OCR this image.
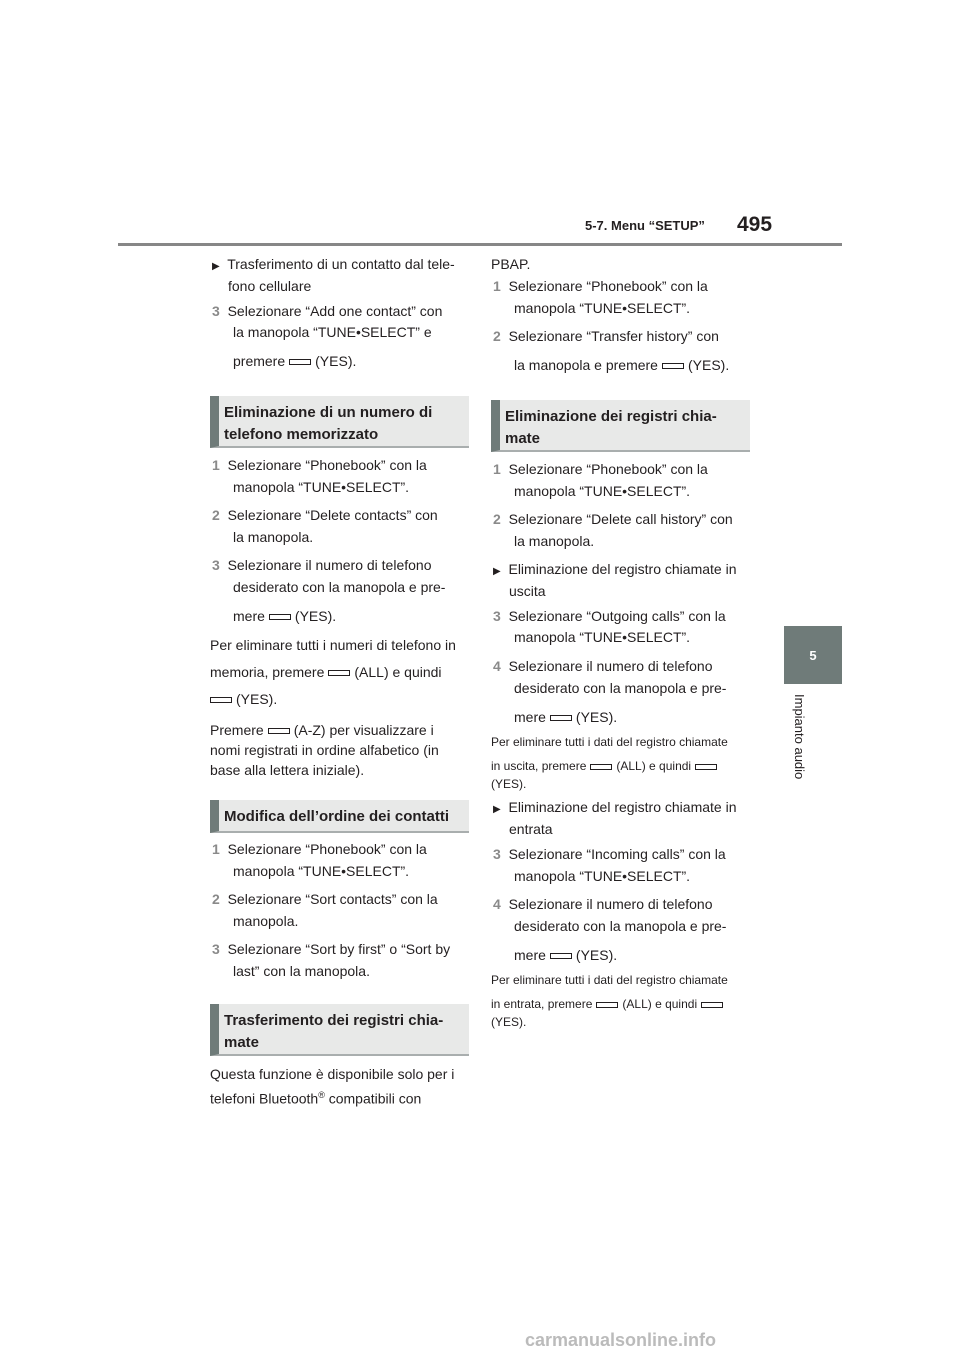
5-7. Menu “SETUP” 495
5
Impianto audio
▶ Trasferimento di un contatto dal tele-
fono cellulare
3 Selezionare “Add one contact” con
la manopola “TUNE•SELECT” e
premere (YES).
Eliminazione di un numero di
telefono memorizzato
1 Selezionare “Phonebook” con la
manopola “TUNE•SELECT”.
2 Selezionare “Delete contacts” con
la manopola.
3 Selezionare il numero di telefono
desiderato con la manopola e pre-
mere (YES).
Per eliminare tutti i numeri di telefono in
memoria, premere (ALL) e quindi
(YES).
Premere (A-Z) per visualizzare i
nomi registrati in ordine alfabetico (in
base alla lettera iniziale).
Modifica dell’ordine dei contatti
1 Selezionare “Phonebook” con la
manopola “TUNE•SELECT”.
2 Selezionare “Sort contacts” con la
manopola.
3 Selezionare “Sort by first” o “Sort by
last” con la manopola.
Trasferimento dei registri chia-
mate
Questa funzione è disponibile solo per i
telefoni Bluetooth® compatibili con
PBAP.
1 Selezionare “Phonebook” con la
manopola “TUNE•SELECT”.
2 Selezionare “Transfer history” con
la manopola e premere (YES).
Eliminazione dei registri chia-
mate
1 Selezionare “Phonebook” con la
manopola “TUNE•SELECT”.
2 Selezionare “Delete call history” con
la manopola.
▶ Eliminazione del registro chiamate in
uscita
3 Selezionare “Outgoing calls” con la
manopola “TUNE•SELECT”.
4 Selezionare il numero di telefono
desiderato con la manopola e pre-
mere (YES).
Per eliminare tutti i dati del registro chiamate
in uscita, premere	(ALL) e quindi
(YES).
▶ Eliminazione del registro chiamate in
entrata
3 Selezionare “Incoming calls” con la
manopola “TUNE•SELECT”.
4 Selezionare il numero di telefono
desiderato con la manopola e pre-
mere (YES).
Per eliminare tutti i dati del registro chiamate
in entrata, premere	(ALL) e quindi
(YES).
carmanualsonline.info
